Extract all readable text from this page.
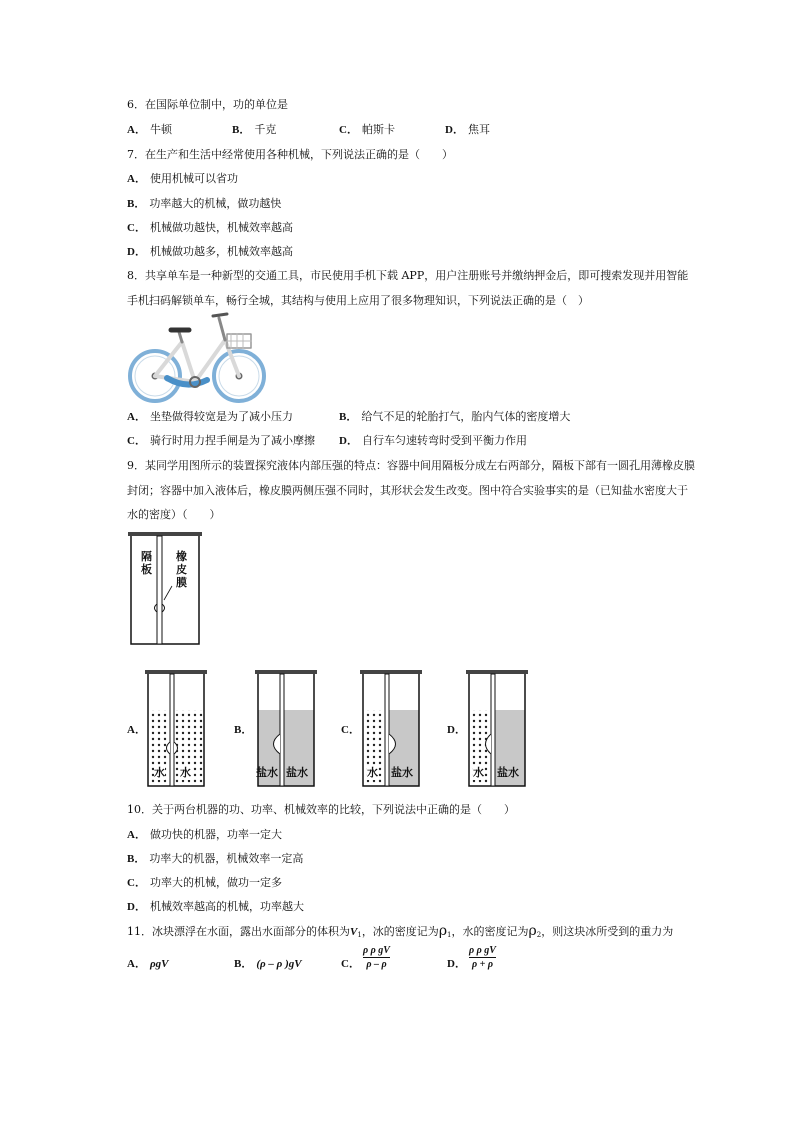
6．在国际单位制中，功的单位是
A． 牛顿	B． 千克	C． 帕斯卡	D． 焦耳
7．在生产和生活中经常使用各种机械，下列说法正确的是（　　）
A． 使用机械可以省功
B． 功率越大的机械，做功越快
C． 机械做功越快，机械效率越高
D． 机械做功越多，机械效率越高
8．共享单车是一种新型的交通工具，市民使用手机下载 APP，用户注册账号并缴纳押金后，即可搜索发现并用智能
手机扫码解锁单车，畅行全城，其结构与使用上应用了很多物理知识，下列说法正确的是（　）
A． 坐垫做得较宽是为了减小压力	B． 给气不足的轮胎打气，胎内气体的密度增大
C． 骑行时用力捏手闸是为了减小摩擦 D． 自行车匀速转弯时受到平衡力作用
9．某同学用图所示的装置探究液体内部压强的特点：容器中间用隔板分成左右两部分，隔板下部有一圆孔用薄橡皮膜
封闭；容器中加入液体后，橡皮膜两侧压强不同时，其形状会发生改变。图中符合实验事实的是（已知盐水密度大于
水的密度）（　　）
隔板
橡皮膜
A．	B．	C．	D．
水 水	盐水 盐水	水 盐水	水 盐水
10．关于两台机器的功、功率、机械效率的比较，下列说法中正确的是（　　）
A． 做功快的机器，功率一定大
B． 功率大的机器，机械效率一定高
C． 功率大的机械，做功一定多
D． 机械效率越高的机械，功率越大
11．冰块漂浮在水面，露出水面部分的体积为$V_1$，冰的密度记为$\rho_1$，水的密度记为$\rho_2$，则这块冰所受到的重力为
A． ρgV	B． (ρ – ρ )gV	C．
ρ ρ gV
ρ – ρ	D．
ρ ρ gV
ρ + ρ
